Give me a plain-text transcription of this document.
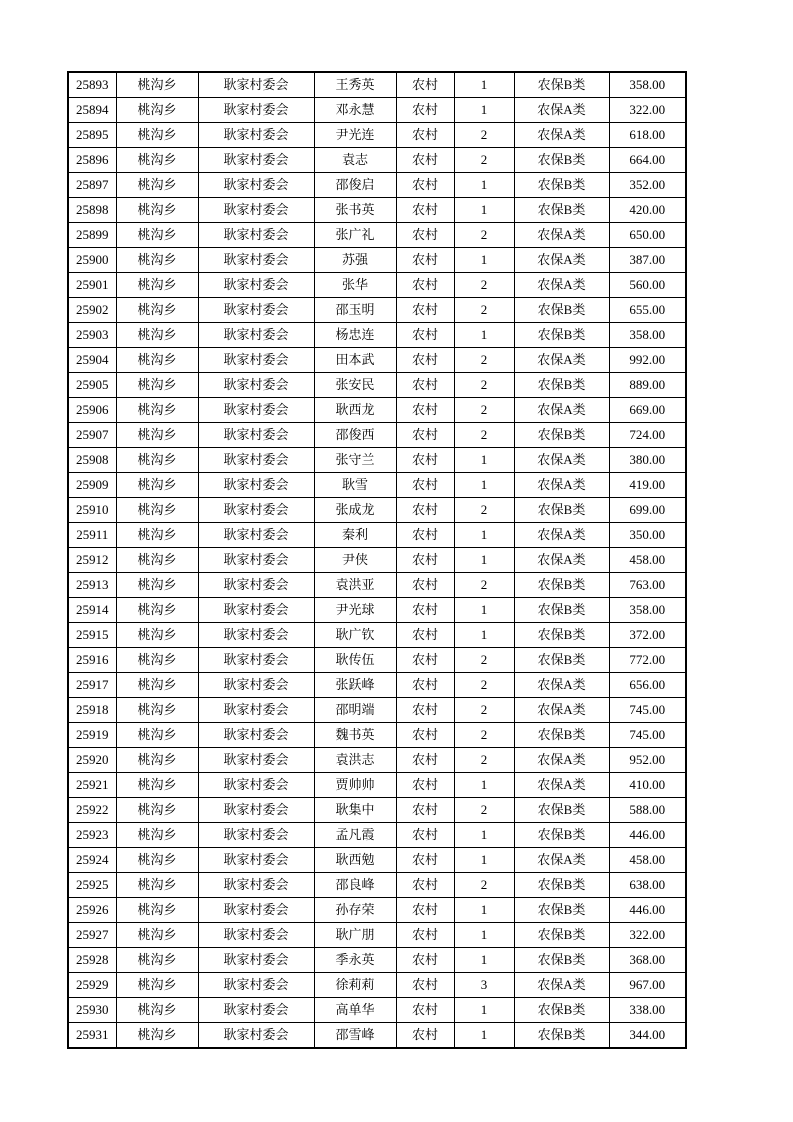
25893	桃沟乡	耿家村委会	王秀英	农村	1	农保B类	358.00
25894	桃沟乡	耿家村委会	邓永慧	农村	1	农保A类	322.00
25895	桃沟乡	耿家村委会	尹光连	农村	2	农保A类	618.00
25896	桃沟乡	耿家村委会	袁志	农村	2	农保B类	664.00
25897	桃沟乡	耿家村委会	邵俊启	农村	1	农保B类	352.00
25898	桃沟乡	耿家村委会	张书英	农村	1	农保B类	420.00
25899	桃沟乡	耿家村委会	张广礼	农村	2	农保A类	650.00
25900	桃沟乡	耿家村委会	苏强	农村	1	农保A类	387.00
25901	桃沟乡	耿家村委会	张华	农村	2	农保A类	560.00
25902	桃沟乡	耿家村委会	邵玉明	农村	2	农保B类	655.00
25903	桃沟乡	耿家村委会	杨忠连	农村	1	农保B类	358.00
25904	桃沟乡	耿家村委会	田本武	农村	2	农保A类	992.00
25905	桃沟乡	耿家村委会	张安民	农村	2	农保B类	889.00
25906	桃沟乡	耿家村委会	耿西龙	农村	2	农保A类	669.00
25907	桃沟乡	耿家村委会	邵俊西	农村	2	农保B类	724.00
25908	桃沟乡	耿家村委会	张守兰	农村	1	农保A类	380.00
25909	桃沟乡	耿家村委会	耿雪	农村	1	农保A类	419.00
25910	桃沟乡	耿家村委会	张成龙	农村	2	农保B类	699.00
25911	桃沟乡	耿家村委会	秦利	农村	1	农保A类	350.00
25912	桃沟乡	耿家村委会	尹侠	农村	1	农保A类	458.00
25913	桃沟乡	耿家村委会	袁洪亚	农村	2	农保B类	763.00
25914	桃沟乡	耿家村委会	尹光球	农村	1	农保B类	358.00
25915	桃沟乡	耿家村委会	耿广钦	农村	1	农保B类	372.00
25916	桃沟乡	耿家村委会	耿传伍	农村	2	农保B类	772.00
25917	桃沟乡	耿家村委会	张跃峰	农村	2	农保A类	656.00
25918	桃沟乡	耿家村委会	邵明端	农村	2	农保A类	745.00
25919	桃沟乡	耿家村委会	魏书英	农村	2	农保B类	745.00
25920	桃沟乡	耿家村委会	袁洪志	农村	2	农保A类	952.00
25921	桃沟乡	耿家村委会	贾帅帅	农村	1	农保A类	410.00
25922	桃沟乡	耿家村委会	耿集中	农村	2	农保B类	588.00
25923	桃沟乡	耿家村委会	孟凡霞	农村	1	农保B类	446.00
25924	桃沟乡	耿家村委会	耿西勉	农村	1	农保A类	458.00
25925	桃沟乡	耿家村委会	邵良峰	农村	2	农保B类	638.00
25926	桃沟乡	耿家村委会	孙存荣	农村	1	农保B类	446.00
25927	桃沟乡	耿家村委会	耿广朋	农村	1	农保B类	322.00
25928	桃沟乡	耿家村委会	季永英	农村	1	农保B类	368.00
25929	桃沟乡	耿家村委会	徐莉莉	农村	3	农保A类	967.00
25930	桃沟乡	耿家村委会	高单华	农村	1	农保B类	338.00
25931	桃沟乡	耿家村委会	邵雪峰	农村	1	农保B类	344.00
